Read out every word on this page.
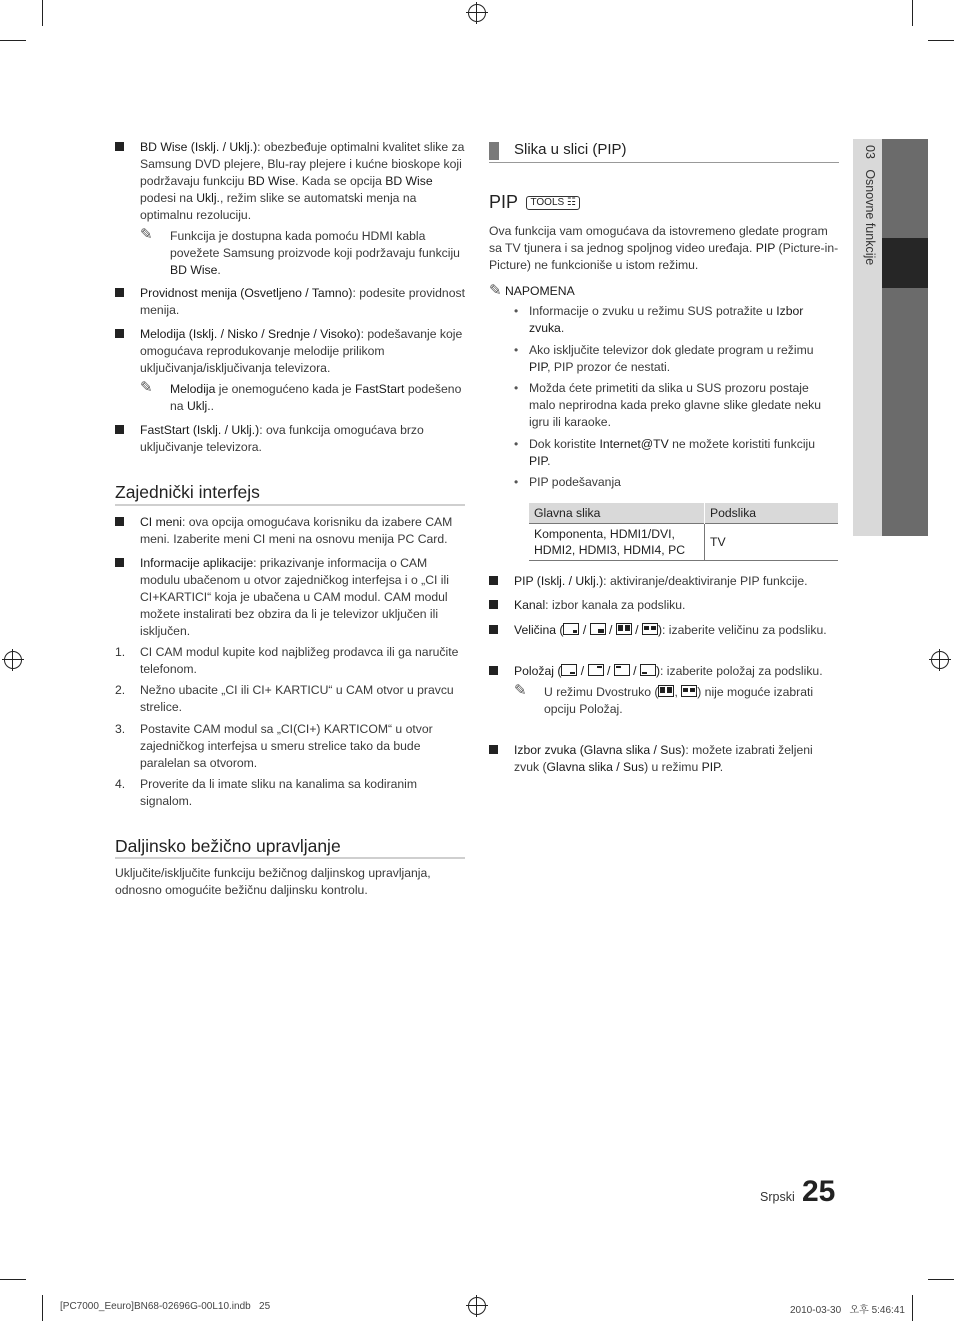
03   Osnovne funkcije
BD Wise (Isklj. / Uklj.): obezbeđuje optimalni kvalitet slike za Samsung DVD plejere, Blu-ray plejere i kućne bioskope koji podržavaju funkciju BD Wise. Kada se opcija BD Wise podesi na Uklj., režim slike se automatski menja na optimalnu rezoluciju.
✎ Funkcija je dostupna kada pomoću HDMI kabla povežete Samsung proizvode koji podržavaju funkciju BD Wise.
Providnost menija (Osvetljeno / Tamno): podesite providnost menija.
Melodija (Isklj. / Nisko / Srednje / Visoko): podešavanje koje omogućava reprodukovanje melodije prilikom uključivanja/isključivanja televizora.
✎ Melodija je onemogućeno kada je FastStart podešeno na Uklj..
FastStart (Isklj. / Uklj.): ova funkcija omogućava brzo uključivanje televizora.
Zajednički interfejs
CI meni: ova opcija omogućava korisniku da izabere CAM meni. Izaberite meni CI meni na osnovu menija PC Card.
Informacije aplikacije: prikazivanje informacija o CAM modulu ubačenom u otvor zajedničkog interfejsa i o „CI ili CI+KARTICI“ koja je ubačena u CAM modul. CAM modul možete instalirati bez obzira da li je televizor uključen ili isključen.
1. CI CAM modul kupite kod najbližeg prodavca ili ga naručite telefonom.
2. Nežno ubacite „CI ili CI+ KARTICU“ u CAM otvor u pravcu strelice.
3. Postavite CAM modul sa „CI(CI+) KARTICOM“ u otvor zajedničkog interfejsa u smeru strelice tako da bude paralelan sa otvorom.
4. Proverite da li imate sliku na kanalima sa kodiranim signalom.
Daljinsko bežično upravljanje
Uključite/isključite funkciju bežičnog daljinskog upravljanja, odnosno omogućite bežičnu daljinsku kontrolu.
Slika u slici (PIP)
PIP TOOLS ☷
Ova funkcija vam omogućava da istovremeno gledate program sa TV tjunera i sa jednog spoljnog video uređaja. PIP (Picture-in-Picture) ne funkcioniše u istom režimu.
✎ NAPOMENA
• Informacije o zvuku u režimu SUS potražite u Izbor zvuka.
• Ako isključite televizor dok gledate program u režimu PIP, PIP prozor će nestati.
• Možda ćete primetiti da slika u SUS prozoru postaje malo neprirodna kada preko glavne slike gledate neku igru ili karaoke.
• Dok koristite Internet@TV ne možete koristiti funkciju PIP.
• PIP podešavanja
Glavna slika	Podslika
Komponenta, HDMI1/DVI, HDMI2, HDMI3, HDMI4, PC	TV
PIP (Isklj. / Uklj.): aktiviranje/deaktiviranje PIP funkcije.
Kanal: izbor kanala za podsliku.
Veličina (
/
/
/
): izaberite veličinu za podsliku.
Položaj (
/
/
/
): izaberite položaj za podsliku.
✎ U režimu Dvostruko ( ,
) nije moguće izabrati opciju Položaj.
Izbor zvuka (Glavna slika / Sus): možete izabrati željeni zvuk (Glavna slika / Sus) u režimu PIP.
Srpski 25
[PC7000_Eeuro]BN68-02696G-00L10.indb   25	2010-03-30   오후 5:46:41
